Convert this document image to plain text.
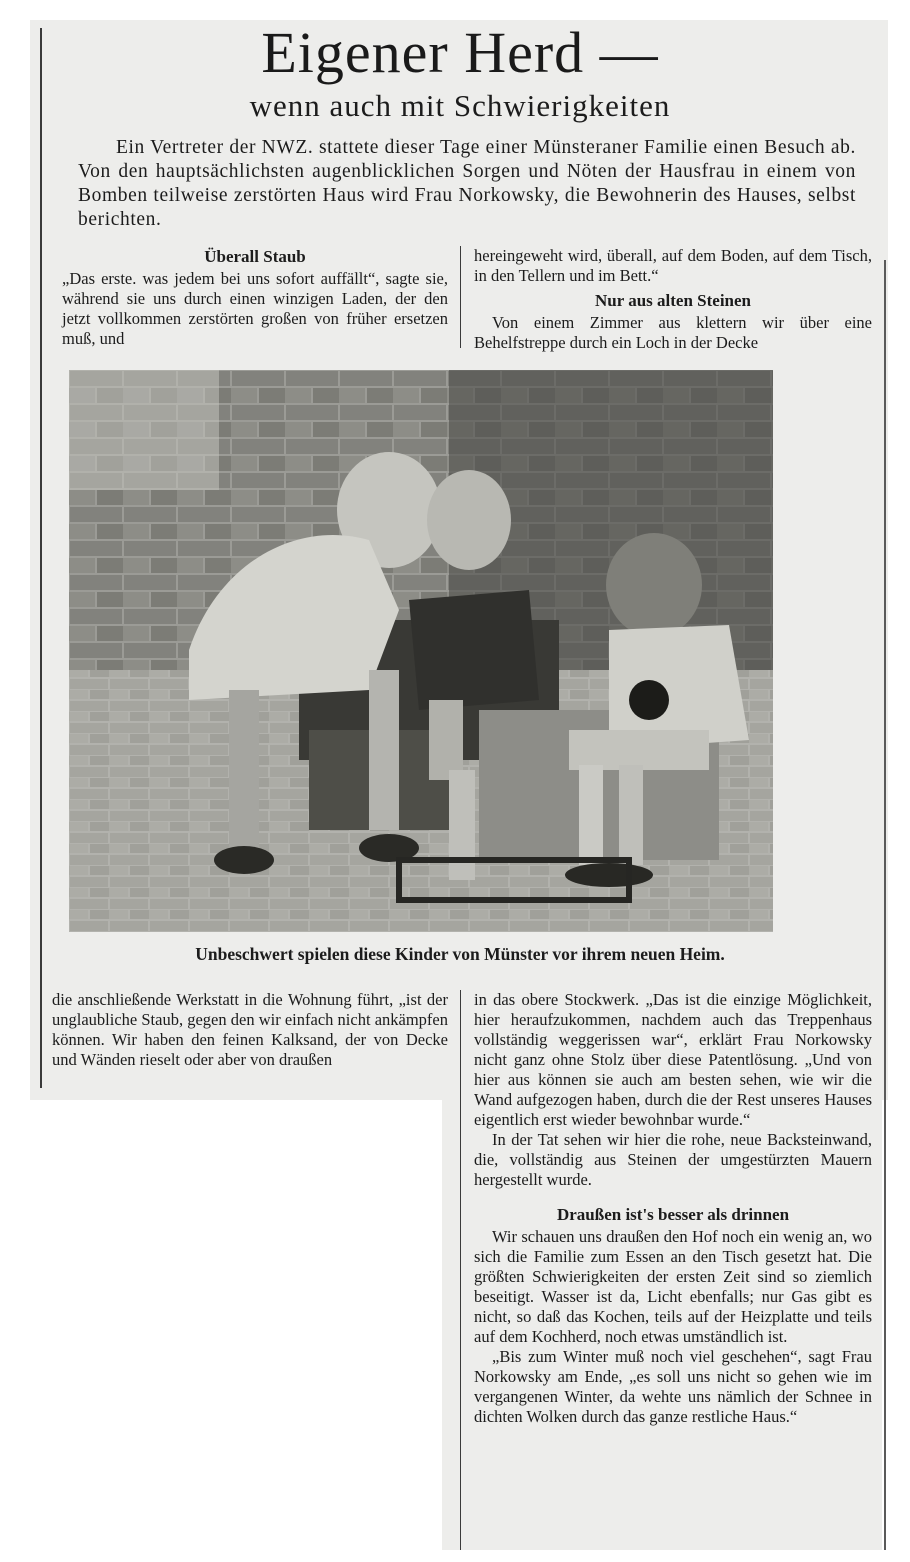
Eigener Herd —
wenn auch mit Schwierigkeiten

Ein Vertreter der NWZ. stattete dieser Tage einer Münsteraner Familie einen Besuch ab. Von den hauptsächlichsten augenblicklichen Sorgen und Nöten der Hausfrau in einem von Bomben teilweise zerstörten Haus wird Frau Norkowsky, die Bewohnerin des Hauses, selbst berichten.

Überall Staub

„Das erste. was jedem bei uns sofort auffällt“, sagte sie, während sie uns durch einen winzigen Laden, der den jetzt vollkommen zerstörten großen von früher ersetzen muß, und

hereingeweht wird, überall, auf dem Boden, auf dem Tisch, in den Tellern und im Bett.“

Nur aus alten Steinen

Von einem Zimmer aus klettern wir über eine Behelfstreppe durch ein Loch in der Decke

Unbeschwert spielen diese Kinder von Münster vor ihrem neuen Heim.

die anschließende Werkstatt in die Wohnung führt, „ist der unglaubliche Staub, gegen den wir einfach nicht ankämpfen können. Wir haben den feinen Kalksand, der von Decke und Wänden rieselt oder aber von draußen

in das obere Stockwerk. „Das ist die einzige Möglichkeit, hier heraufzukommen, nachdem auch das Treppenhaus vollständig weggerissen war“, erklärt Frau Norkowsky nicht ganz ohne Stolz über diese Patentlösung. „Und von hier aus können sie auch am besten sehen, wie wir die Wand aufgezogen haben, durch die der Rest unseres Hauses eigentlich erst wieder bewohnbar wurde.“

In der Tat sehen wir hier die rohe, neue Backsteinwand, die, vollständig aus Steinen der umgestürzten Mauern hergestellt wurde.

Draußen ist's besser als drinnen

Wir schauen uns draußen den Hof noch ein wenig an, wo sich die Familie zum Essen an den Tisch gesetzt hat. Die größten Schwierigkeiten der ersten Zeit sind so ziemlich beseitigt. Wasser ist da, Licht ebenfalls; nur Gas gibt es nicht, so daß das Kochen, teils auf der Heizplatte und teils auf dem Kochherd, noch etwas umständlich ist.

„Bis zum Winter muß noch viel geschehen“, sagt Frau Norkowsky am Ende, „es soll uns nicht so gehen wie im vergangenen Winter, da wehte uns nämlich der Schnee in dichten Wolken durch das ganze restliche Haus.“
